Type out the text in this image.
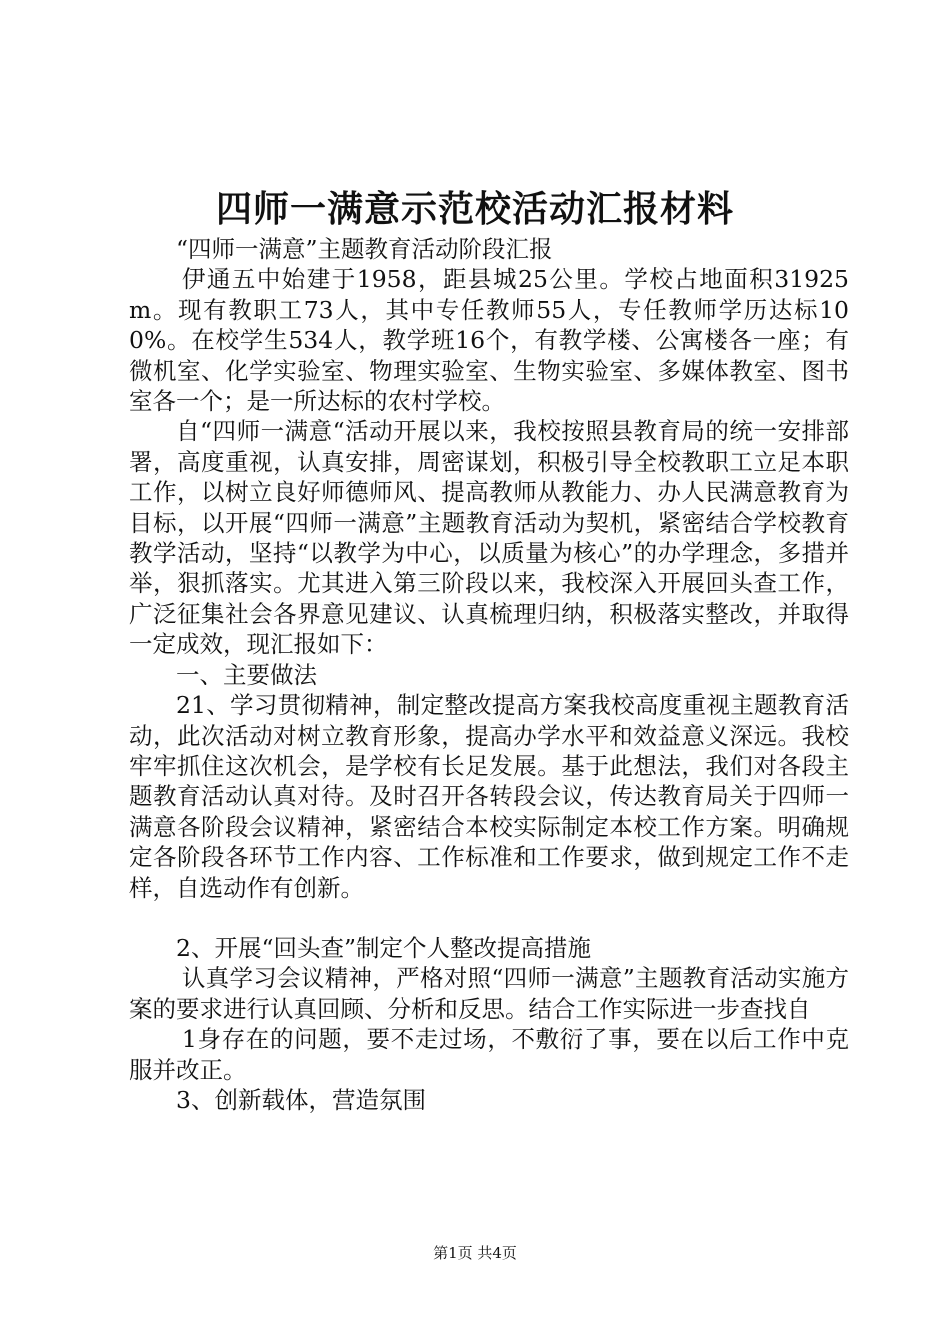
四师一满意示范校活动汇报材料

“四师一满意”主题教育活动阶段汇报

伊通五中始建于1958，距县城25公里。学校占地面积31925m。现有教职工73人，其中专任教师55人，专任教师学历达标100%。在校学生534人，教学班16个，有教学楼、公寓楼各一座；有微机室、化学实验室、物理实验室、生物实验室、多媒体教室、图书室各一个；是一所达标的农村学校。

自“四师一满意“活动开展以来，我校按照县教育局的统一安排部署，高度重视，认真安排，周密谋划，积极引导全校教职工立足本职工作，以树立良好师德师风、提高教师从教能力、办人民满意教育为目标，以开展“四师一满意”主题教育活动为契机，紧密结合学校教育教学活动，坚持“以教学为中心，以质量为核心”的办学理念，多措并举，狠抓落实。尤其进入第三阶段以来，我校深入开展回头查工作，广泛征集社会各界意见建议、认真梳理归纳，积极落实整改，并取得一定成效，现汇报如下：

一、主要做法

21、学习贯彻精神，制定整改提高方案我校高度重视主题教育活动，此次活动对树立教育形象，提高办学水平和效益意义深远。我校牢牢抓住这次机会，是学校有长足发展。基于此想法，我们对各段主题教育活动认真对待。及时召开各转段会议，传达教育局关于四师一满意各阶段会议精神，紧密结合本校实际制定本校工作方案。明确规定各阶段各环节工作内容、工作标准和工作要求，做到规定工作不走样，自选动作有创新。

2、开展“回头查”制定个人整改提高措施

认真学习会议精神，严格对照“四师一满意”主题教育活动实施方案的要求进行认真回顾、分析和反思。结合工作实际进一步查找自

1身存在的问题，要不走过场，不敷衍了事，要在以后工作中克服并改正。

3、创新载体，营造氛围

第1页 共4页
